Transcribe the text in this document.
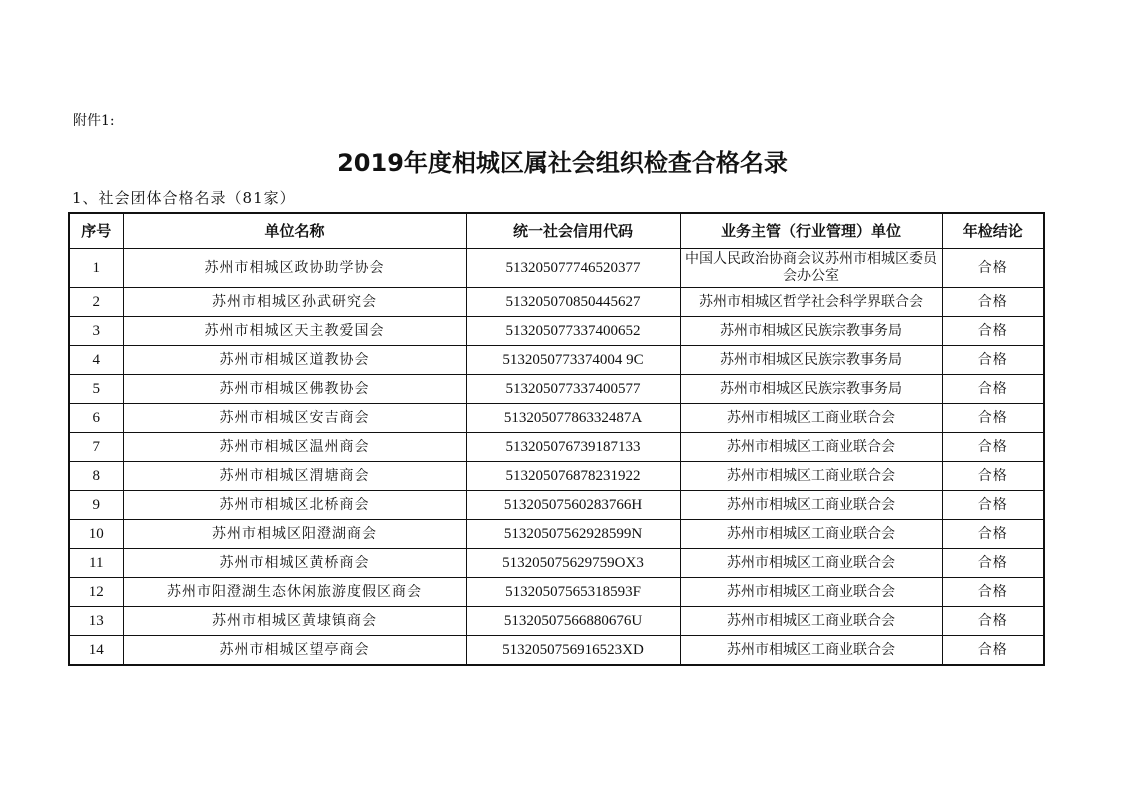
附件1:
2019年度相城区属社会组织检查合格名录
1、社会团体合格名录（81家）
序号	单位名称	统一社会信用代码	业务主管（行业管理）单位	年检结论
1	苏州市相城区政协助学协会	513205077746520377	中国人民政治协商会议苏州市相城区委员会办公室	合格
2	苏州市相城区孙武研究会	513205070850445627	苏州市相城区哲学社会科学界联合会	合格
3	苏州市相城区天主教爱国会	513205077337400652	苏州市相城区民族宗教事务局	合格
4	苏州市相城区道教协会	5132050773374004 9C	苏州市相城区民族宗教事务局	合格
5	苏州市相城区佛教协会	513205077337400577	苏州市相城区民族宗教事务局	合格
6	苏州市相城区安吉商会	51320507786332487A	苏州市相城区工商业联合会	合格
7	苏州市相城区温州商会	513205076739187133	苏州市相城区工商业联合会	合格
8	苏州市相城区渭塘商会	513205076878231922	苏州市相城区工商业联合会	合格
9	苏州市相城区北桥商会	51320507560283766H	苏州市相城区工商业联合会	合格
10	苏州市相城区阳澄湖商会	51320507562928599N	苏州市相城区工商业联合会	合格
11	苏州市相城区黄桥商会	513205075629759OX3	苏州市相城区工商业联合会	合格
12	苏州市阳澄湖生态休闲旅游度假区商会	51320507565318593F	苏州市相城区工商业联合会	合格
13	苏州市相城区黄埭镇商会	51320507566880676U	苏州市相城区工商业联合会	合格
14	苏州市相城区望亭商会	5132050756916523XD	苏州市相城区工商业联合会	合格
